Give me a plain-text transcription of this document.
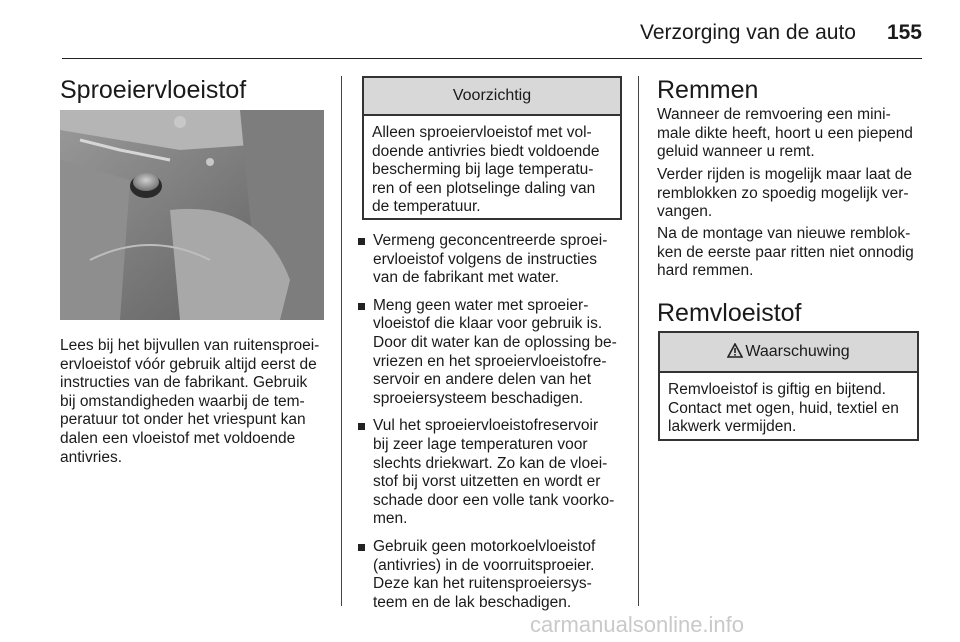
Verzorging van de auto	155
Sproeiervloeistof
Lees bij het bijvullen van ruitensproei-
ervloeistof vóór gebruik altijd eerst de
instructies van de fabrikant. Gebruik
bij omstandigheden waarbij de tem-
peratuur tot onder het vriespunt kan
dalen een vloeistof met voldoende
antivries.
Voorzichtig
Alleen sproeiervloeistof met vol-
doende antivries biedt voldoende
bescherming bij lage temperatu-
ren of een plotselinge daling van
de temperatuur.
Vermeng geconcentreerde sproei-
ervloeistof volgens de instructies
van de fabrikant met water.
Meng geen water met sproeier-
vloeistof die klaar voor gebruik is.
Door dit water kan de oplossing be-
vriezen en het sproeiervloeistofre-
servoir en andere delen van het
sproeiersysteem beschadigen.
Vul het sproeiervloeistofreservoir
bij zeer lage temperaturen voor
slechts driekwart. Zo kan de vloei-
stof bij vorst uitzetten en wordt er
schade door een volle tank voorko-
men.
Gebruik geen motorkoelvloeistof
(antivries) in de voorruitsproeier.
Deze kan het ruitensproeiersys-
teem en de lak beschadigen.
Remmen
Wanneer de remvoering een mini-
male dikte heeft, hoort u een piepend
geluid wanneer u remt.
Verder rijden is mogelijk maar laat de
remblokken zo spoedig mogelijk ver-
vangen.
Na de montage van nieuwe remblok-
ken de eerste paar ritten niet onnodig
hard remmen.
Remvloeistof
Waarschuwing
Remvloeistof is giftig en bijtend.
Contact met ogen, huid, textiel en
lakwerk vermijden.
carmanualsonline.info
